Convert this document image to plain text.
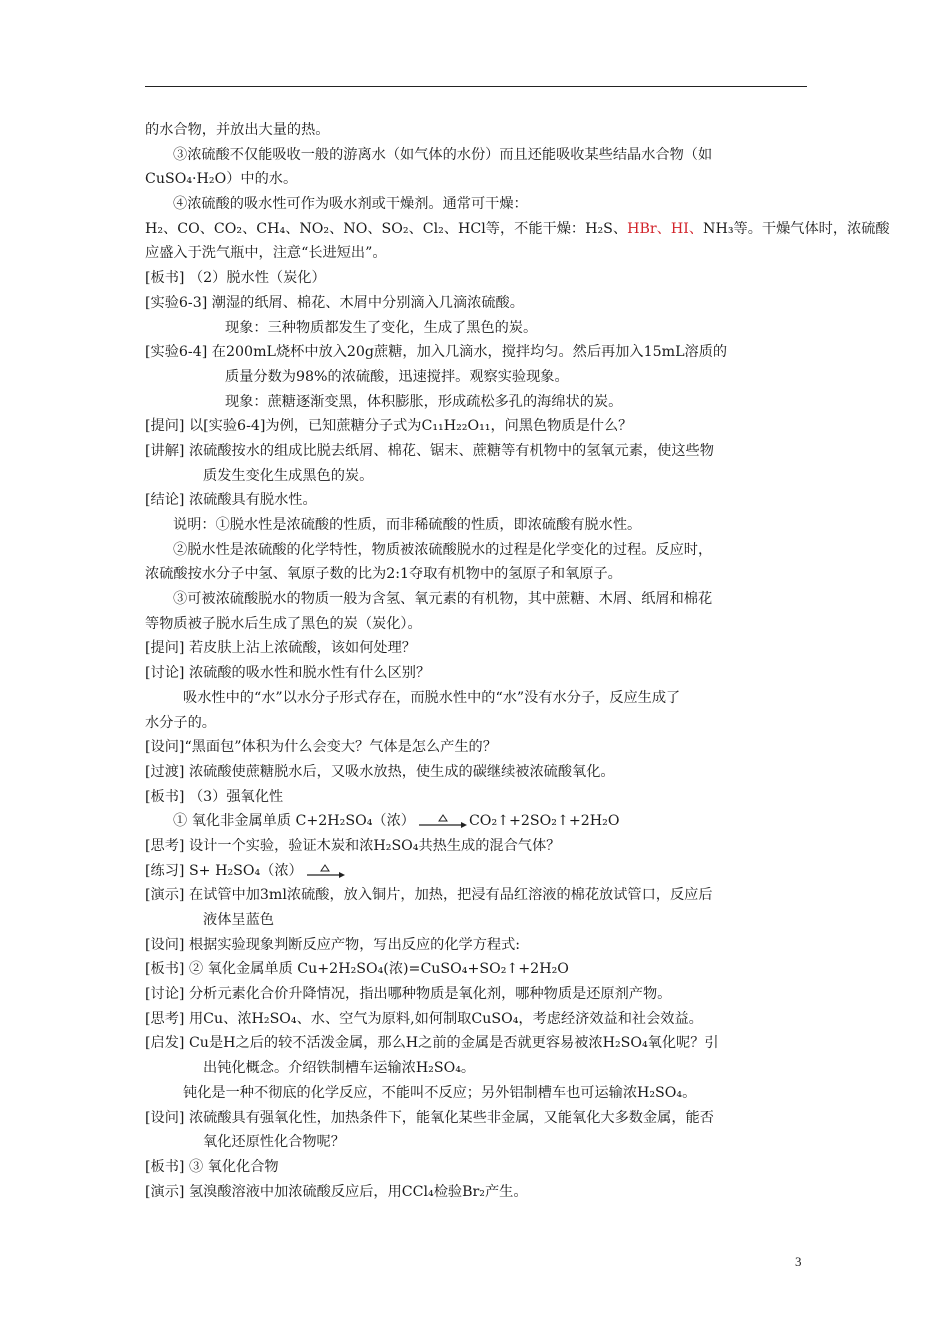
的水合物，并放出大量的热。
③浓硫酸不仅能吸收一般的游离水（如气体的水份）而且还能吸收某些结晶水合物（如
CuSO₄·H₂O）中的水。
④浓硫酸的吸水性可作为吸水剂或干燥剂。通常可干燥：
H₂、CO、CO₂、CH₄、NO₂、NO、SO₂、Cl₂、HCl等，不能干燥：H₂S、HBr、HI、NH₃等。干燥气体时，浓硫酸
应盛入于洗气瓶中，注意“长进短出”。
[板书] （2）脱水性（炭化）
[实验6-3] 潮湿的纸屑、棉花、木屑中分别滴入几滴浓硫酸。
现象：三种物质都发生了变化，生成了黑色的炭。
[实验6-4] 在200mL烧杯中放入20g蔗糖，加入几滴水，搅拌均匀。然后再加入15mL溶质的
质量分数为98%的浓硫酸，迅速搅拌。观察实验现象。
现象：蔗糖逐渐变黑，体积膨胀，形成疏松多孔的海绵状的炭。
[提问] 以[实验6-4]为例，已知蔗糖分子式为C₁₁H₂₂O₁₁，问黑色物质是什么？
[讲解] 浓硫酸按水的组成比脱去纸屑、棉花、锯末、蔗糖等有机物中的氢氧元素，使这些物
质发生变化生成黑色的炭。
[结论] 浓硫酸具有脱水性。
说明：①脱水性是浓硫酸的性质，而非稀硫酸的性质，即浓硫酸有脱水性。
②脱水性是浓硫酸的化学特性，物质被浓硫酸脱水的过程是化学变化的过程。反应时，
浓硫酸按水分子中氢、氧原子数的比为2:1夺取有机物中的氢原子和氧原子。
③可被浓硫酸脱水的物质一般为含氢、氧元素的有机物，其中蔗糖、木屑、纸屑和棉花
等物质被子脱水后生成了黑色的炭（炭化）。
[提问] 若皮肤上沾上浓硫酸，该如何处理？
[讨论] 浓硫酸的吸水性和脱水性有什么区别？
吸水性中的“水”以水分子形式存在，而脱水性中的“水”没有水分子，反应生成了
水分子的。
[设问]“黑面包”体积为什么会变大？气体是怎么产生的？
[过渡] 浓硫酸使蔗糖脱水后，又吸水放热，使生成的碳继续被浓硫酸氧化。
[板书] （3）强氧化性
① 氧化非金属单质 C+2H₂SO₄（浓）	CO₂↑+2SO₂↑+2H₂O
[思考] 设计一个实验，验证木炭和浓H₂SO₄共热生成的混合气体？
[练习] S+ H₂SO₄（浓）
[演示] 在试管中加3ml浓硫酸，放入铜片，加热，把浸有品红溶液的棉花放试管口，反应后
液体呈蓝色
[设问] 根据实验现象判断反应产物，写出反应的化学方程式:
[板书] ② 氧化金属单质 Cu+2H₂SO₄(浓)=CuSO₄+SO₂↑+2H₂O
[讨论] 分析元素化合价升降情况，指出哪种物质是氧化剂，哪种物质是还原剂产物。
[思考] 用Cu、浓H₂SO₄、水、空气为原料,如何制取CuSO₄，考虑经济效益和社会效益。
[启发] Cu是H之后的较不活泼金属，那么H之前的金属是否就更容易被浓H₂SO₄氧化呢？引
出钝化概念。介绍铁制槽车运输浓H₂SO₄。
钝化是一种不彻底的化学反应，不能叫不反应；另外铝制槽车也可运输浓H₂SO₄。
[设问] 浓硫酸具有强氧化性，加热条件下，能氧化某些非金属，又能氧化大多数金属，能否
氧化还原性化合物呢？
[板书] ③ 氧化化合物
[演示] 氢溴酸溶液中加浓硫酸反应后，用CCl₄检验Br₂产生。
3
